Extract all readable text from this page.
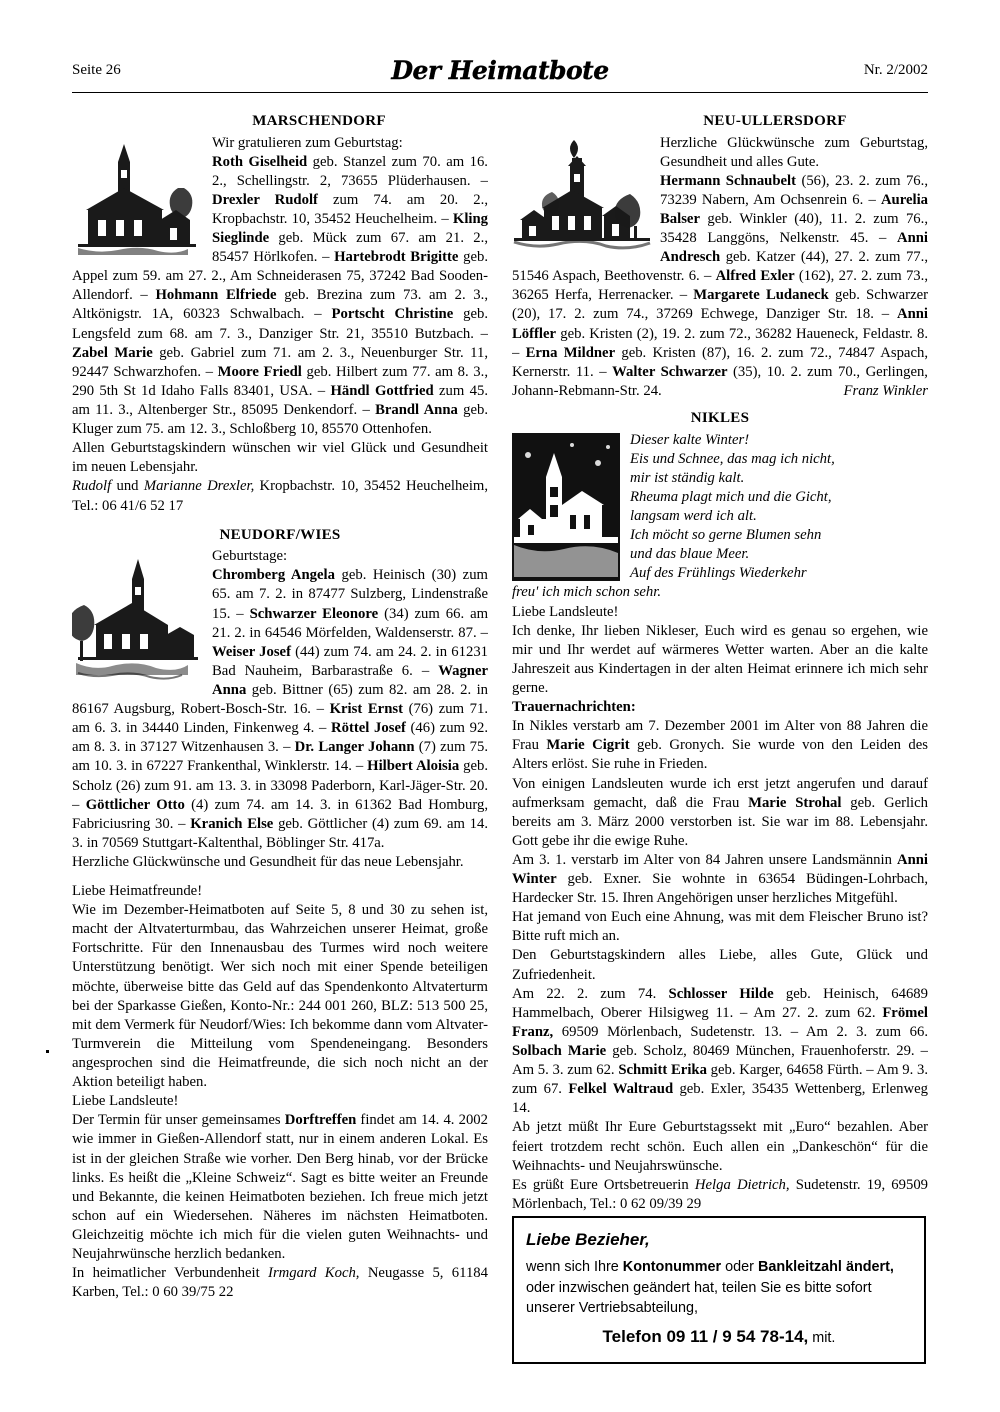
Seite 26	Der Heimatbote	Nr. 2/2002
MARSCHENDORF

Wir gratulieren zum Geburtstag:

Roth Giselheid geb. Stanzel zum 70. am 16. 2., Schellingstr. 2, 73655 Plüderhausen. – Drexler Rudolf zum 74. am 20. 2., Kropbachstr. 10, 35452 Heuchelheim. – Kling Sieglinde geb. Mück zum 67. am 21. 2., 85457 Hörlkofen. – Hartebrodt Brigitte geb. Appel zum 59. am 27. 2., Am Schneiderasen 75, 37242 Bad Sooden-Allendorf. – Hohmann Elfriede geb. Brezina zum 73. am 2. 3., Altkönigstr. 1A, 60323 Schwalbach. – Portscht Christine geb. Lengsfeld zum 68. am 7. 3., Danziger Str. 21, 35510 Butzbach. – Zabel Marie geb. Gabriel zum 71. am 2. 3., Neuenburger Str. 11, 92447 Schwarzhofen. – Moore Friedl geb. Hilbert zum 77. am 8. 3., 290 5th St 1d Idaho Falls 83401, USA. – Händl Gottfried zum 45. am 11. 3., Altenberger Str., 85095 Denkendorf. – Brandl Anna geb. Kluger zum 75. am 12. 3., Schloßberg 10, 85570 Ottenhofen.

Allen Geburtstagskindern wünschen wir viel Glück und Gesundheit im neuen Lebensjahr.

Rudolf und Marianne Drexler, Kropbachstr. 10, 35452 Heuchelheim, Tel.: 06 41/6 52 17

NEUDORF/WIES

Geburtstage:

Chromberg Angela geb. Heinisch (30) zum 65. am 7. 2. in 87477 Sulzberg, Lindenstraße 15. – Schwarzer Eleonore (34) zum 66. am 21. 2. in 64546 Mörfelden, Waldenserstr. 87. – Weiser Josef (44) zum 74. am 24. 2. in 61231 Bad Nauheim, Barbarastraße 6. – Wagner Anna geb. Bittner (65) zum 82. am 28. 2. in 86167 Augsburg, Robert-Bosch-Str. 16. – Krist Ernst (76) zum 71. am 6. 3. in 34440 Linden, Finkenweg 4. – Röttel Josef (46) zum 92. am 8. 3. in 37127 Witzenhausen 3. – Dr. Langer Johann (7) zum 75. am 10. 3. in 67227 Frankenthal, Winklerstr. 14. – Hilbert Aloisia geb. Scholz (26) zum 91. am 13. 3. in 33098 Paderborn, Karl-Jäger-Str. 20. – Göttlicher Otto (4) zum 74. am 14. 3. in 61362 Bad Homburg, Fabriciusring 30. – Kranich Else geb. Göttlicher (4) zum 69. am 14. 3. in 70569 Stuttgart-Kaltenthal, Böblinger Str. 417a.

Herzliche Glückwünsche und Gesundheit für das neue Lebensjahr.

Liebe Heimatfreunde!

Wie im Dezember-Heimatboten auf Seite 5, 8 und 30 zu sehen ist, macht der Altvaterturmbau, das Wahrzeichen unserer Heimat, große Fortschritte. Für den Innenausbau des Turmes wird noch weitere Unterstützung benötigt. Wer sich noch mit einer Spende beteiligen möchte, überweise bitte das Geld auf das Spendenkonto Altvaterturm bei der Sparkasse Gießen, Konto-Nr.: 244 001 260, BLZ: 513 500 25, mit dem Vermerk für Neudorf/Wies: Ich bekomme dann vom Altvater-Turmverein die Mitteilung vom Spendeneingang. Besonders angesprochen sind die Heimatfreunde, die sich noch nicht an der Aktion beteiligt haben.

Liebe Landsleute!

Der Termin für unser gemeinsames Dorftreffen findet am 14. 4. 2002 wie immer in Gießen-Allendorf statt, nur in einem anderen Lokal. Es ist in der gleichen Straße wie vorher. Den Berg hinab, vor der Brücke links. Es heißt die „Kleine Schweiz“. Sagt es bitte weiter an Freunde und Bekannte, die keinen Heimatboten beziehen. Ich freue mich jetzt schon auf ein Wiedersehen. Näheres im nächsten Heimatboten. Gleichzeitig möchte ich mich für die vielen guten Weihnachts- und Neujahrwünsche herzlich bedanken.

In heimatlicher Verbundenheit Irmgard Koch, Neugasse 5, 61184 Karben, Tel.: 0 60 39/75 22

NEU-ULLERSDORF

Herzliche Glückwünsche zum Geburtstag, Gesundheit und alles Gute.

Hermann Schnaubelt (56), 23. 2. zum 76., 73239 Nabern, Am Ochsenrein 6. – Aurelia Balser geb. Winkler (40), 11. 2. zum 76., 35428 Langgöns, Nelkenstr. 45. – Anni Andresch geb. Katzer (44), 27. 2. zum 77., 51546 Aspach, Beethovenstr. 6. – Alfred Exler (162), 27. 2. zum 73., 36265 Herfa, Herrenacker. – Margarete Ludaneck geb. Schwarzer (20), 17. 2. zum 74., 37269 Echwege, Danziger Str. 18. – Anni Löffler geb. Kristen (2), 19. 2. zum 72., 36282 Haueneck, Feldastr. 8. – Erna Mildner geb. Kristen (87), 16. 2. zum 72., 74847 Aspach, Kernerstr. 11. – Walter Schwarzer (35), 10. 2. zum 70., Gerlingen, Johann-Rebmann-Str. 24.	Franz Winkler

NIKLES
Dieser kalte Winter!
Eis und Schnee, das mag ich nicht,
mir ist ständig kalt.
Rheuma plagt mich und die Gicht,
langsam werd ich alt.
Ich möcht so gerne Blumen sehn
und das blaue Meer.
Auf des Frühlings Wiederkehr
freu' ich mich schon sehr.

Liebe Landsleute!

Ich denke, Ihr lieben Nikleser, Euch wird es genau so ergehen, wie mir und Ihr werdet auf wärmeres Wetter warten. Aber an die kalte Jahreszeit aus Kindertagen in der alten Heimat erinnere ich mich sehr gerne.

Trauernachrichten:

In Nikles verstarb am 7. Dezember 2001 im Alter von 88 Jahren die Frau Marie Cigrit geb. Gronych. Sie wurde von den Leiden des Alters erlöst. Sie ruhe in Frieden.

Von einigen Landsleuten wurde ich erst jetzt angerufen und darauf aufmerksam gemacht, daß die Frau Marie Strohal geb. Gerlich bereits am 3. März 2000 verstorben ist. Sie war im 88. Lebensjahr. Gott gebe ihr die ewige Ruhe.

Am 3. 1. verstarb im Alter von 84 Jahren unsere Landsmännin Anni Winter geb. Exner. Sie wohnte in 63654 Büdingen-Lohrbach, Hardecker Str. 15. Ihren Angehörigen unser herzliches Mitgefühl.

Hat jemand von Euch eine Ahnung, was mit dem Fleischer Bruno ist? Bitte ruft mich an.

Den Geburtstagskindern alles Liebe, alles Gute, Glück und Zufriedenheit.

Am 22. 2. zum 74. Schlosser Hilde geb. Heinisch, 64689 Hammelbach, Oberer Hilsigweg 11. – Am 27. 2. zum 62. Frömel Franz, 69509 Mörlenbach, Sudetenstr. 13. – Am 2. 3. zum 66. Solbach Marie geb. Scholz, 80469 München, Frauenhoferstr. 29. – Am 5. 3. zum 62. Schmitt Erika geb. Karger, 64658 Fürth. – Am 9. 3. zum 67. Felkel Waltraud geb. Exler, 35435 Wettenberg, Erlenweg 14.

Ab jetzt müßt Ihr Eure Geburtstagssekt mit „Euro“ bezahlen. Aber feiert trotzdem recht schön. Euch allen ein „Dankeschön“ für die Weihnachts- und Neujahrswünsche.

Es grüßt Eure Ortsbetreuerin Helga Dietrich, Sudetenstr. 19, 69509 Mörlenbach, Tel.: 0 62 09/39 29

Liebe Bezieher,
wenn sich Ihre Kontonummer oder Bankleitzahl ändert, oder inzwischen geändert hat, teilen Sie es bitte sofort unserer Vertriebsabteilung,
Telefon 09 11 / 9 54 78-14, mit.
